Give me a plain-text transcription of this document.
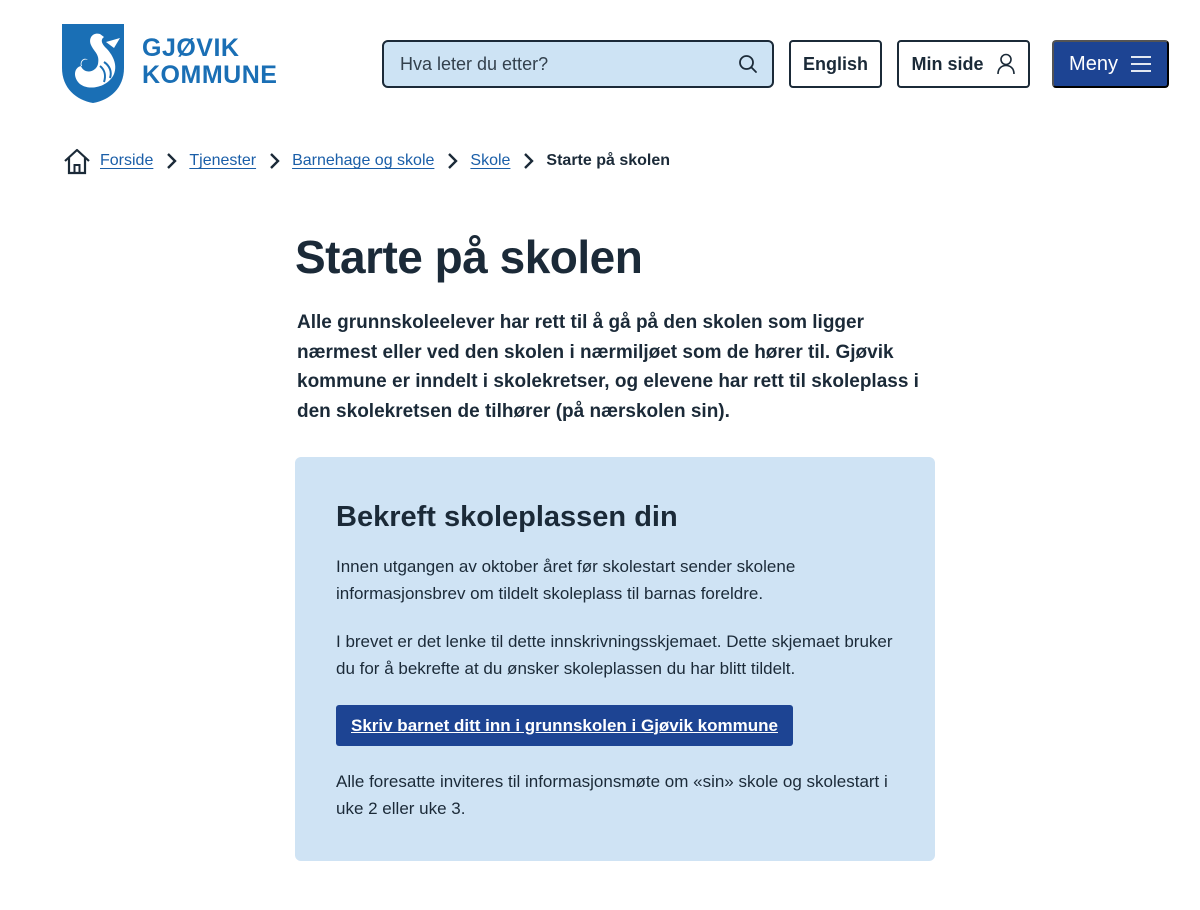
GJØVIK
KOMMUNE
Hva leter du etter?	English Min side	Meny
Forside Tjenester Barnehage og skole Skole Starte på skolen
Starte på skolen

Alle grunnskoleelever har rett til å gå på den skolen som ligger nærmest eller ved den skolen i nærmiljøet som de hører til. Gjøvik kommune er inndelt i skolekretser, og elevene har rett til skoleplass i den skolekretsen de tilhører (på nærskolen sin).

Bekreft skoleplassen din

Innen utgangen av oktober året før skolestart sender skolene informasjonsbrev om tildelt skoleplass til barnas foreldre.

I brevet er det lenke til dette innskrivningsskjemaet. Dette skjemaet bruker du for å bekrefte at du ønsker skoleplassen du har blitt tildelt.

Skriv barnet ditt inn i grunnskolen i Gjøvik kommune

Alle foresatte inviteres til informasjonsmøte om «sin» skole og skolestart i uke 2 eller uke 3.
